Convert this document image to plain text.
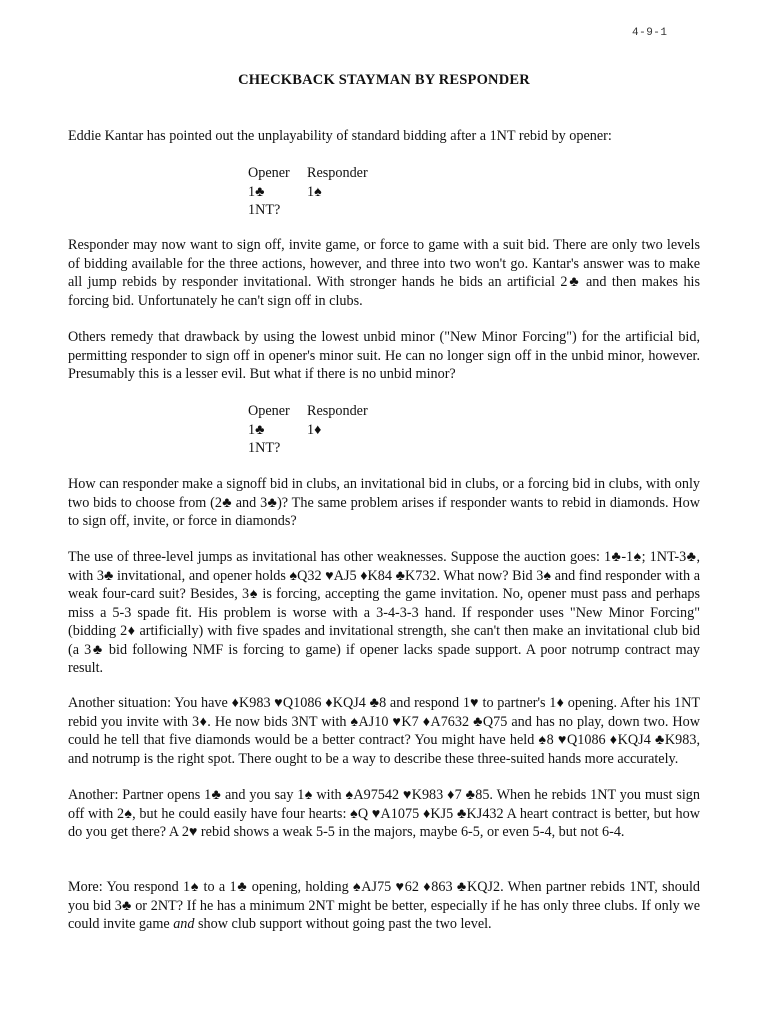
4-9-1
CHECKBACK STAYMAN BY RESPONDER

Eddie Kantar has pointed out the unplayability of standard bidding after a 1NT rebid by opener:

Opener	Responder
1♣	1♠
1NT?	

Responder may now want to sign off, invite game, or force to game with a suit bid. There are only two levels of bidding available for the three actions, however, and three into two won't go. Kantar's answer was to make all jump rebids by responder invitational. With stronger hands he bids an artificial 2♣ and then makes his forcing bid. Unfortunately he can't sign off in clubs.

Others remedy that drawback by using the lowest unbid minor ("New Minor Forcing") for the artificial bid, permitting responder to sign off in opener's minor suit. He can no longer sign off in the unbid minor, however. Presumably this is a lesser evil. But what if there is no unbid minor?

Opener	Responder
1♣	1♦
1NT?	

How can responder make a signoff bid in clubs, an invitational bid in clubs, or a forcing bid in clubs, with only two bids to choose from (2♣ and 3♣)? The same problem arises if responder wants to rebid in diamonds. How to sign off, invite, or force in diamonds?

The use of three-level jumps as invitational has other weaknesses. Suppose the auction goes: 1♣-1♠; 1NT-3♣, with 3♣ invitational, and opener holds ♠Q32 ♥AJ5 ♦K84 ♣K732. What now? Bid 3♠ and find responder with a weak four-card suit? Besides, 3♠ is forcing, accepting the game invitation. No, opener must pass and perhaps miss a 5-3 spade fit. His problem is worse with a 3-4-3-3 hand. If responder uses "New Minor Forcing" (bidding 2♦ artificially) with five spades and invitational strength, she can't then make an invitational club bid (a 3♣ bid following NMF is forcing to game) if opener lacks spade support. A poor notrump contract may result.

Another situation: You have ♦K983 ♥Q1086 ♦KQJ4 ♣8 and respond 1♥ to partner's 1♦ opening. After his 1NT rebid you invite with 3♦. He now bids 3NT with ♠AJ10 ♥K7 ♦A7632 ♣Q75 and has no play, down two. How could he tell that five diamonds would be a better contract? You might have held ♠8 ♥Q1086 ♦KQJ4 ♣K983, and notrump is the right spot. There ought to be a way to describe these three-suited hands more accurately.

Another: Partner opens 1♣ and you say 1♠ with ♠A97542 ♥K983 ♦7 ♣85. When he rebids 1NT you must sign off with 2♠, but he could easily have four hearts: ♠Q ♥A1075 ♦KJ5 ♣KJ432 A heart contract is better, but how do you get there? A 2♥ rebid shows a weak 5-5 in the majors, maybe 6-5, or even 5-4, but not 6-4.

More: You respond 1♠ to a 1♣ opening, holding ♠AJ75 ♥62 ♦863 ♣KQJ2. When partner rebids 1NT, should you bid 3♣ or 2NT? If he has a minimum 2NT might be better, especially if he has only three clubs. If only we could invite game and show club support without going past the two level.
